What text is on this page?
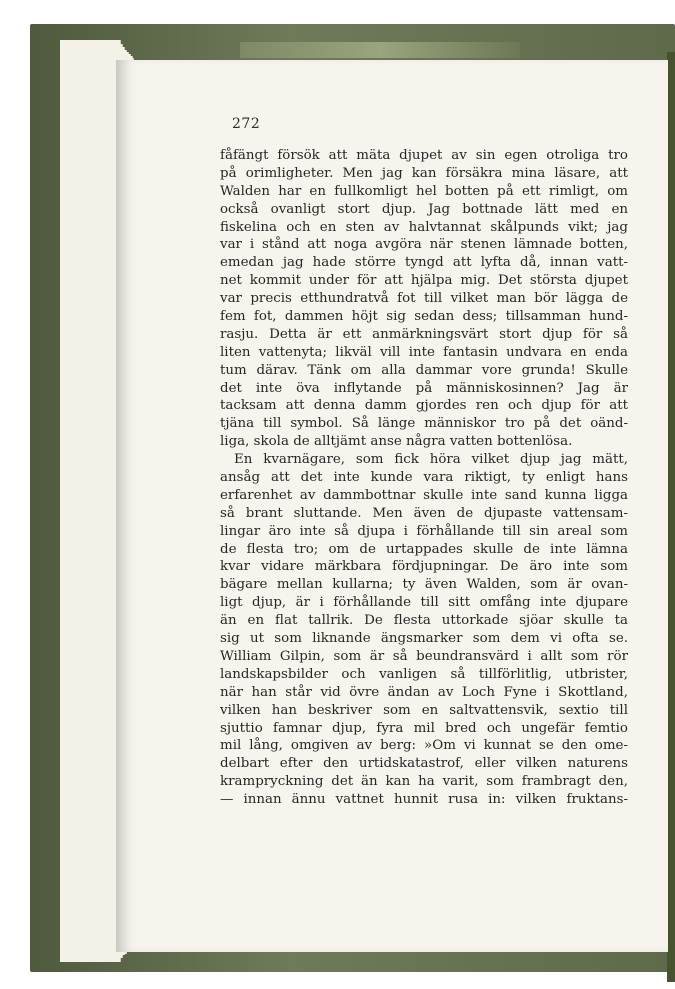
272
fåfängt försök att mäta djupet av sin egen otroliga tro
på orimligheter. Men jag kan försäkra mina läsare, att
Walden har en fullkomligt hel botten på ett rimligt, om
också ovanligt stort djup. Jag bottnade lätt med en
fiskelina och en sten av halvtannat skålpunds vikt; jag
var i stånd att noga avgöra när stenen lämnade botten,
emedan jag hade större tyngd att lyfta då, innan vatt-
net kommit under för att hjälpa mig. Det största djupet
var precis etthundratvå fot till vilket man bör lägga de
fem fot, dammen höjt sig sedan dess; tillsamman hund-
rasju. Detta är ett anmärkningsvärt stort djup för så
liten vattenyta; likväl vill inte fantasin undvara en enda
tum därav. Tänk om alla dammar vore grunda! Skulle
det inte öva inflytande på människosinnen? Jag är
tacksam att denna damm gjordes ren och djup för att
tjäna till symbol. Så länge människor tro på det oänd-
liga, skola de alltjämt anse några vatten bottenlösa.
En kvarnägare, som fick höra vilket djup jag mätt,
ansåg att det inte kunde vara riktigt, ty enligt hans
erfarenhet av dammbottnar skulle inte sand kunna ligga
så brant sluttande. Men även de djupaste vattensam-
lingar äro inte så djupa i förhållande till sin areal som
de flesta tro; om de urtappades skulle de inte lämna
kvar vidare märkbara fördjupningar. De äro inte som
bägare mellan kullarna; ty även Walden, som är ovan-
ligt djup, är i förhållande till sitt omfång inte djupare
än en flat tallrik. De flesta uttorkade sjöar skulle ta
sig ut som liknande ängsmarker som dem vi ofta se.
William Gilpin, som är så beundransvärd i allt som rör
landskapsbilder och vanligen så tillförlitlig, utbrister,
när han står vid övre ändan av Loch Fyne i Skottland,
vilken han beskriver som en saltvattensvik, sextio till
sjuttio famnar djup, fyra mil bred och ungefär femtio
mil lång, omgiven av berg: »Om vi kunnat se den ome-
delbart efter den urtidskatastrof, eller vilken naturens
krampryckning det än kan ha varit, som frambragt den,
— innan ännu vattnet hunnit rusa in: vilken fruktans-
